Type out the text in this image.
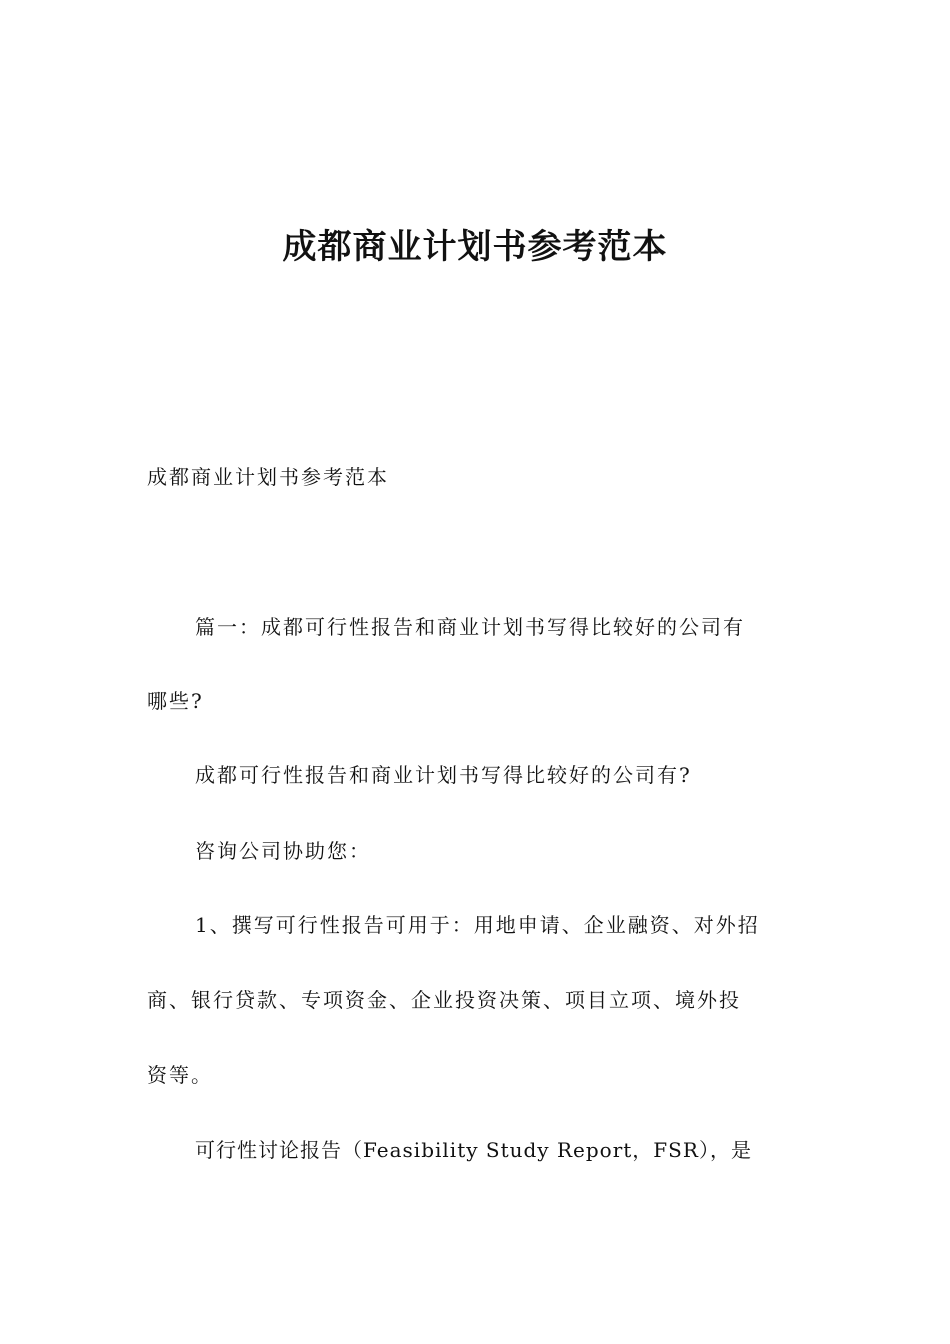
成都商业计划书参考范本

成都商业计划书参考范本

篇一：成都可行性报告和商业计划书写得比较好的公司有

哪些?

成都可行性报告和商业计划书写得比较好的公司有?

咨询公司协助您：

1、撰写可行性报告可用于：用地申请、企业融资、对外招

商、银行贷款、专项资金、企业投资决策、项目立项、境外投

资等。

可行性讨论报告（Feasibility Study Report，FSR），是
